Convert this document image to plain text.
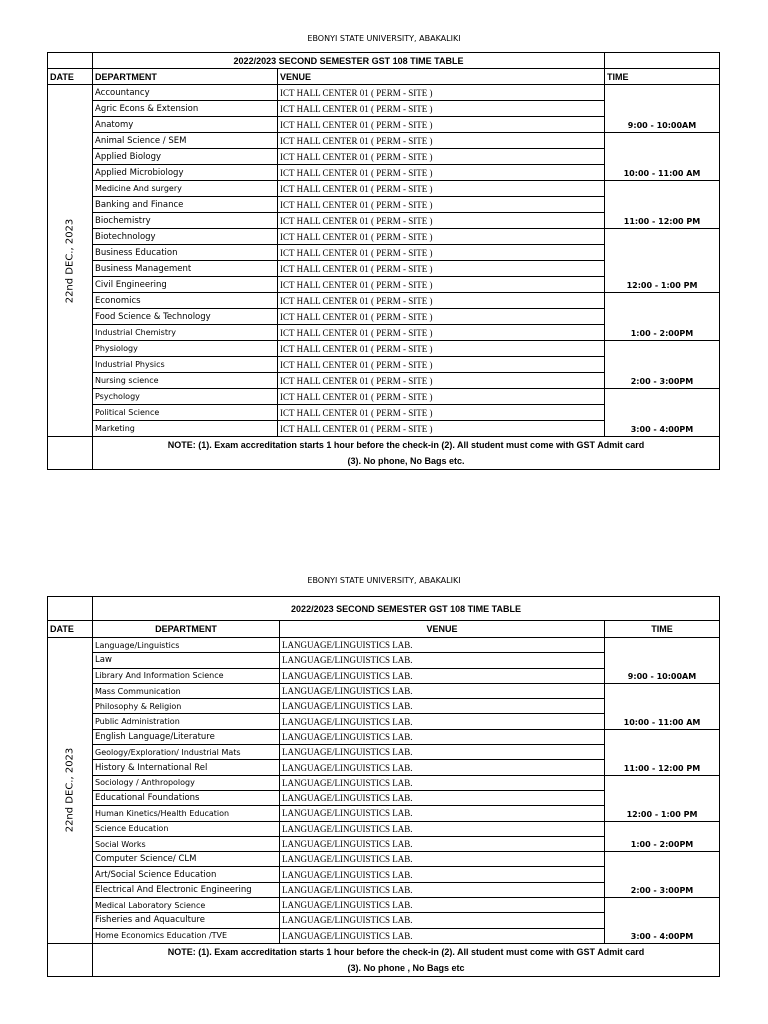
EBONYI STATE UNIVERSITY, ABAKALIKI
	2022/2023 SECOND SEMESTER GST 108 TIME TABLE		
DATE	DEPARTMENT	VENUE	TIME

22nd DEC., 2023	Accountancy	ICT HALL CENTER 01 ( PERM - SITE )	9:00 - 10:00AM
	Agric Econs & Extension	ICT HALL CENTER 01 ( PERM - SITE )	
	Anatomy	ICT HALL CENTER 01 ( PERM - SITE )	
	Animal Science / SEM	ICT HALL CENTER 01 ( PERM - SITE )	10:00 - 11:00 AM
	Applied Biology	ICT HALL CENTER 01 ( PERM - SITE )	
	Applied Microbiology	ICT HALL CENTER 01 ( PERM - SITE )	
	Medicine And surgery	ICT HALL CENTER 01 ( PERM - SITE )	11:00 - 12:00 PM
	Banking and Finance	ICT HALL CENTER 01 ( PERM - SITE )	
	Biochemistry	ICT HALL CENTER 01 ( PERM - SITE )	
	Biotechnology	ICT HALL CENTER 01 ( PERM - SITE )	12:00 - 1:00 PM
	Business Education	ICT HALL CENTER 01 ( PERM - SITE )	
	Business Management	ICT HALL CENTER 01 ( PERM - SITE )	
	Civil Engineering	ICT HALL CENTER 01 ( PERM - SITE )	
	Economics	ICT HALL CENTER 01 ( PERM - SITE )	1:00 - 2:00PM
	Food Science & Technology	ICT HALL CENTER 01 ( PERM - SITE )	
	Industrial Chemistry	ICT HALL CENTER 01 ( PERM - SITE )	
	Physiology	ICT HALL CENTER 01 ( PERM - SITE )	2:00 - 3:00PM
	Industrial Physics	ICT HALL CENTER 01 ( PERM - SITE )	
	Nursing science	ICT HALL CENTER 01 ( PERM - SITE )	
	Psychology	ICT HALL CENTER 01 ( PERM - SITE )	3:00 - 4:00PM
	Political Science	ICT HALL CENTER 01 ( PERM - SITE )	
	Marketing	ICT HALL CENTER 01 ( PERM - SITE )	

	NOTE: (1). Exam accreditation starts 1 hour before the check-in (2). All student must come with GST Admit card
(3). No phone, No Bags etc.		
EBONYI STATE UNIVERSITY, ABAKALIKI
	2022/2023 SECOND SEMESTER GST 108 TIME TABLE		
DATE	DEPARTMENT	VENUE	TIME

22nd DEC., 2023	Language/Linguistics	LANGUAGE/LINGUISTICS LAB.	9:00 - 10:00AM
	Law	LANGUAGE/LINGUISTICS LAB.	
	Library And Information Science	LANGUAGE/LINGUISTICS LAB.	
	Mass Communication	LANGUAGE/LINGUISTICS LAB.	10:00 - 11:00 AM
	Philosophy & Religion	LANGUAGE/LINGUISTICS LAB.	
	Public Administration	LANGUAGE/LINGUISTICS LAB.	
	English Language/Literature	LANGUAGE/LINGUISTICS LAB.	11:00 - 12:00 PM
	Geology/Exploration/ Industrial Mats	LANGUAGE/LINGUISTICS LAB.	
	History & International Rel	LANGUAGE/LINGUISTICS LAB.	
	Sociology / Anthropology	LANGUAGE/LINGUISTICS LAB.	12:00 - 1:00 PM
	Educational Foundations	LANGUAGE/LINGUISTICS LAB.	
	Human Kinetics/Health Education	LANGUAGE/LINGUISTICS LAB.	
	Science Education	LANGUAGE/LINGUISTICS LAB.	1:00 - 2:00PM
	Social Works	LANGUAGE/LINGUISTICS LAB.	
	Computer Science/ CLM	LANGUAGE/LINGUISTICS LAB.	2:00 - 3:00PM
	Art/Social Science Education	LANGUAGE/LINGUISTICS LAB.	
	Electrical And Electronic Engineering	LANGUAGE/LINGUISTICS LAB.	
	Medical Laboratory Science	LANGUAGE/LINGUISTICS LAB.	3:00 - 4:00PM
	Fisheries and Aquaculture	LANGUAGE/LINGUISTICS LAB.	
	Home Economics Education /TVE	LANGUAGE/LINGUISTICS LAB.	

	NOTE: (1). Exam accreditation starts 1 hour before the check-in (2). All student must come with GST Admit card
(3). No phone , No Bags etc		
